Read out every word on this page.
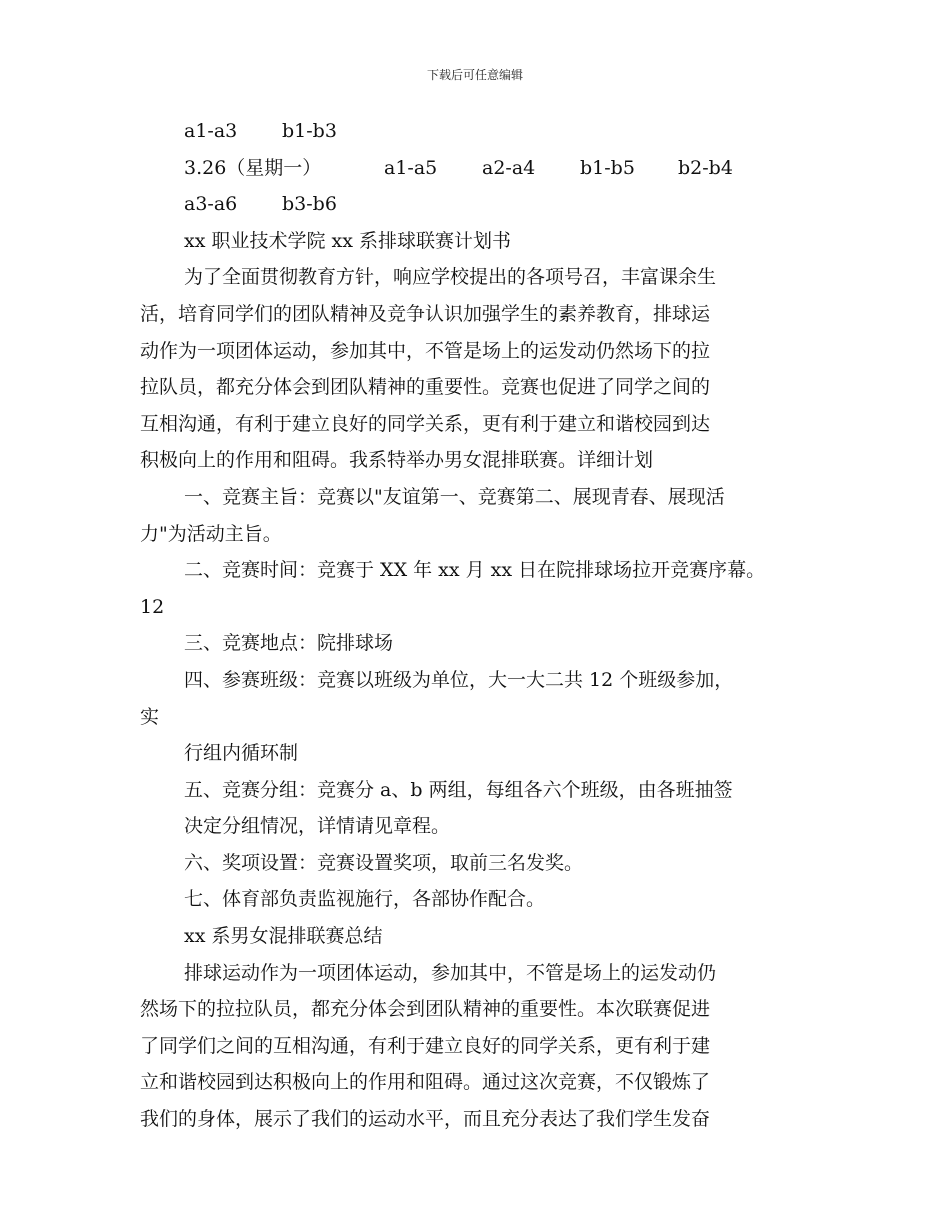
下载后可任意编辑
a1-a3 b1-b3
3.26（星期一）	a1-a5 a2-a4 b1-b5 b2-b4
a3-a6 b3-b6
xx 职业技术学院 xx 系排球联赛计划书
为了全面贯彻教育方针，响应学校提出的各项号召，丰富课余生
活，培育同学们的团队精神及竞争认识加强学生的素养教育，排球运
动作为一项团体运动，参加其中，不管是场上的运发动仍然场下的拉
拉队员，都充分体会到团队精神的重要性。竞赛也促进了同学之间的
互相沟通，有利于建立良好的同学关系，更有利于建立和谐校园到达
积极向上的作用和阻碍。我系特举办男女混排联赛。详细计划
一、竞赛主旨：竞赛以"友谊第一、竞赛第二、展现青春、展现活
力"为活动主旨。
二、竞赛时间：竞赛于 XX 年 xx 月 xx 日在院排球场拉开竞赛序幕。
12
三、竞赛地点：院排球场
四、参赛班级：竞赛以班级为单位，大一大二共 12 个班级参加，
实
行组内循环制
五、竞赛分组：竞赛分 a、b 两组，每组各六个班级，由各班抽签
决定分组情况，详情请见章程。
六、奖项设置：竞赛设置奖项，取前三名发奖。
七、体育部负责监视施行，各部协作配合。
xx 系男女混排联赛总结
排球运动作为一项团体运动，参加其中，不管是场上的运发动仍
然场下的拉拉队员，都充分体会到团队精神的重要性。本次联赛促进
了同学们之间的互相沟通，有利于建立良好的同学关系，更有利于建
立和谐校园到达积极向上的作用和阻碍。通过这次竞赛，不仅锻炼了
我们的身体，展示了我们的运动水平，而且充分表达了我们学生发奋
